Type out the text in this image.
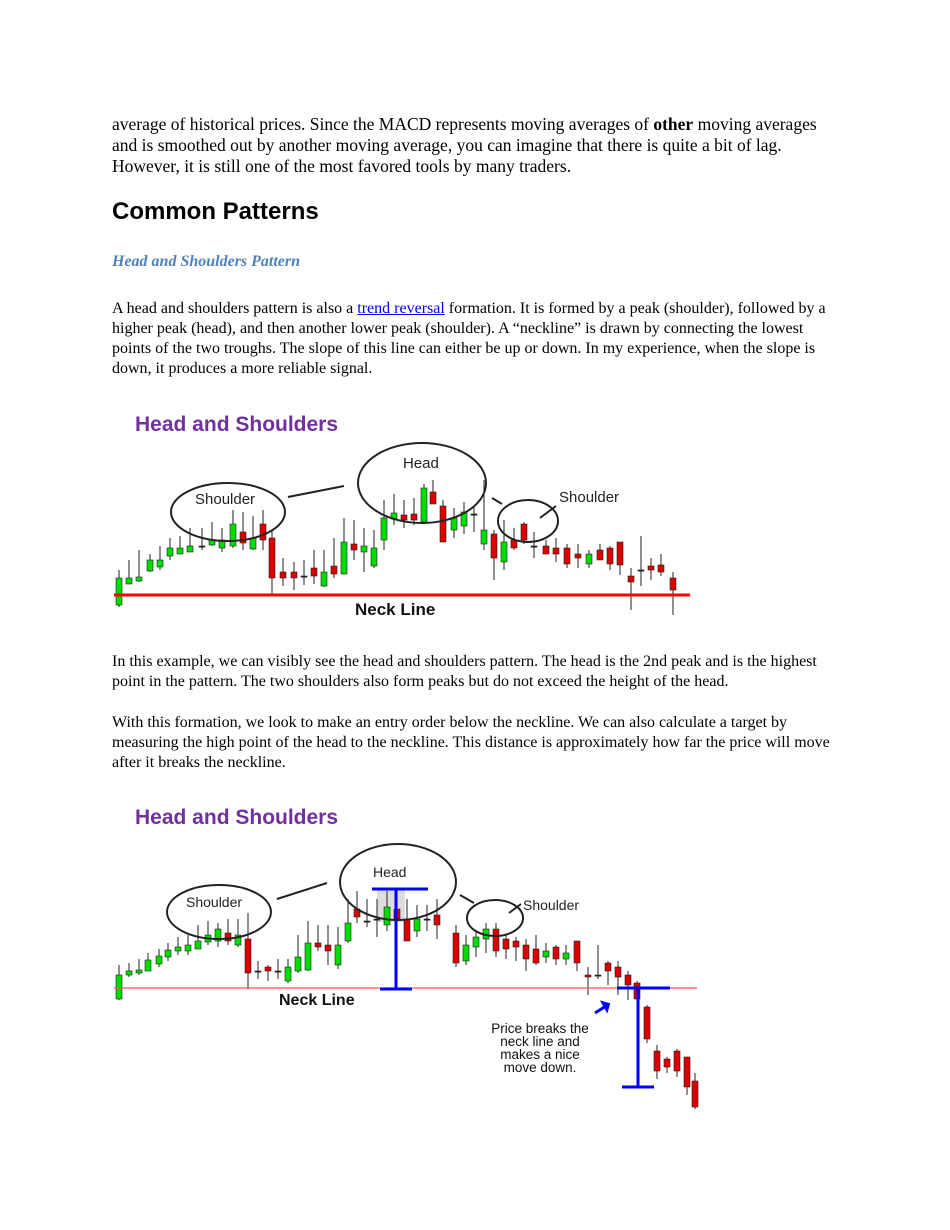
average of historical prices. Since the MACD represents moving averages of other moving averages and is smoothed out by another moving average, you can imagine that there is quite a bit of lag. However, it is still one of the most favored tools by many traders.

Common Patterns
Head and Shoulders Pattern

A head and shoulders pattern is also a trend reversal formation. It is formed by a peak (shoulder), followed by a higher peak (head), and then another lower peak (shoulder). A “neckline” is drawn by connecting the lowest points of the two troughs. The slope of this line can either be up or down. In my experience, when the slope is down, it produces a more reliable signal.

Head and Shoulders
Shoulder
Head
Shoulder
Neck Line

In this example, we can visibly see the head and shoulders pattern. The head is the 2nd peak and is the highest point in the pattern. The two shoulders also form peaks but do not exceed the height of the head.

With this formation, we look to make an entry order below the neckline. We can also calculate a target by measuring the high point of the head to the neckline. This distance is approximately how far the price will move after it breaks the neckline.

Head and Shoulders
Shoulder
Head
Shoulder
Neck Line
Price breaks the
neck line and
makes a nice
move down.
